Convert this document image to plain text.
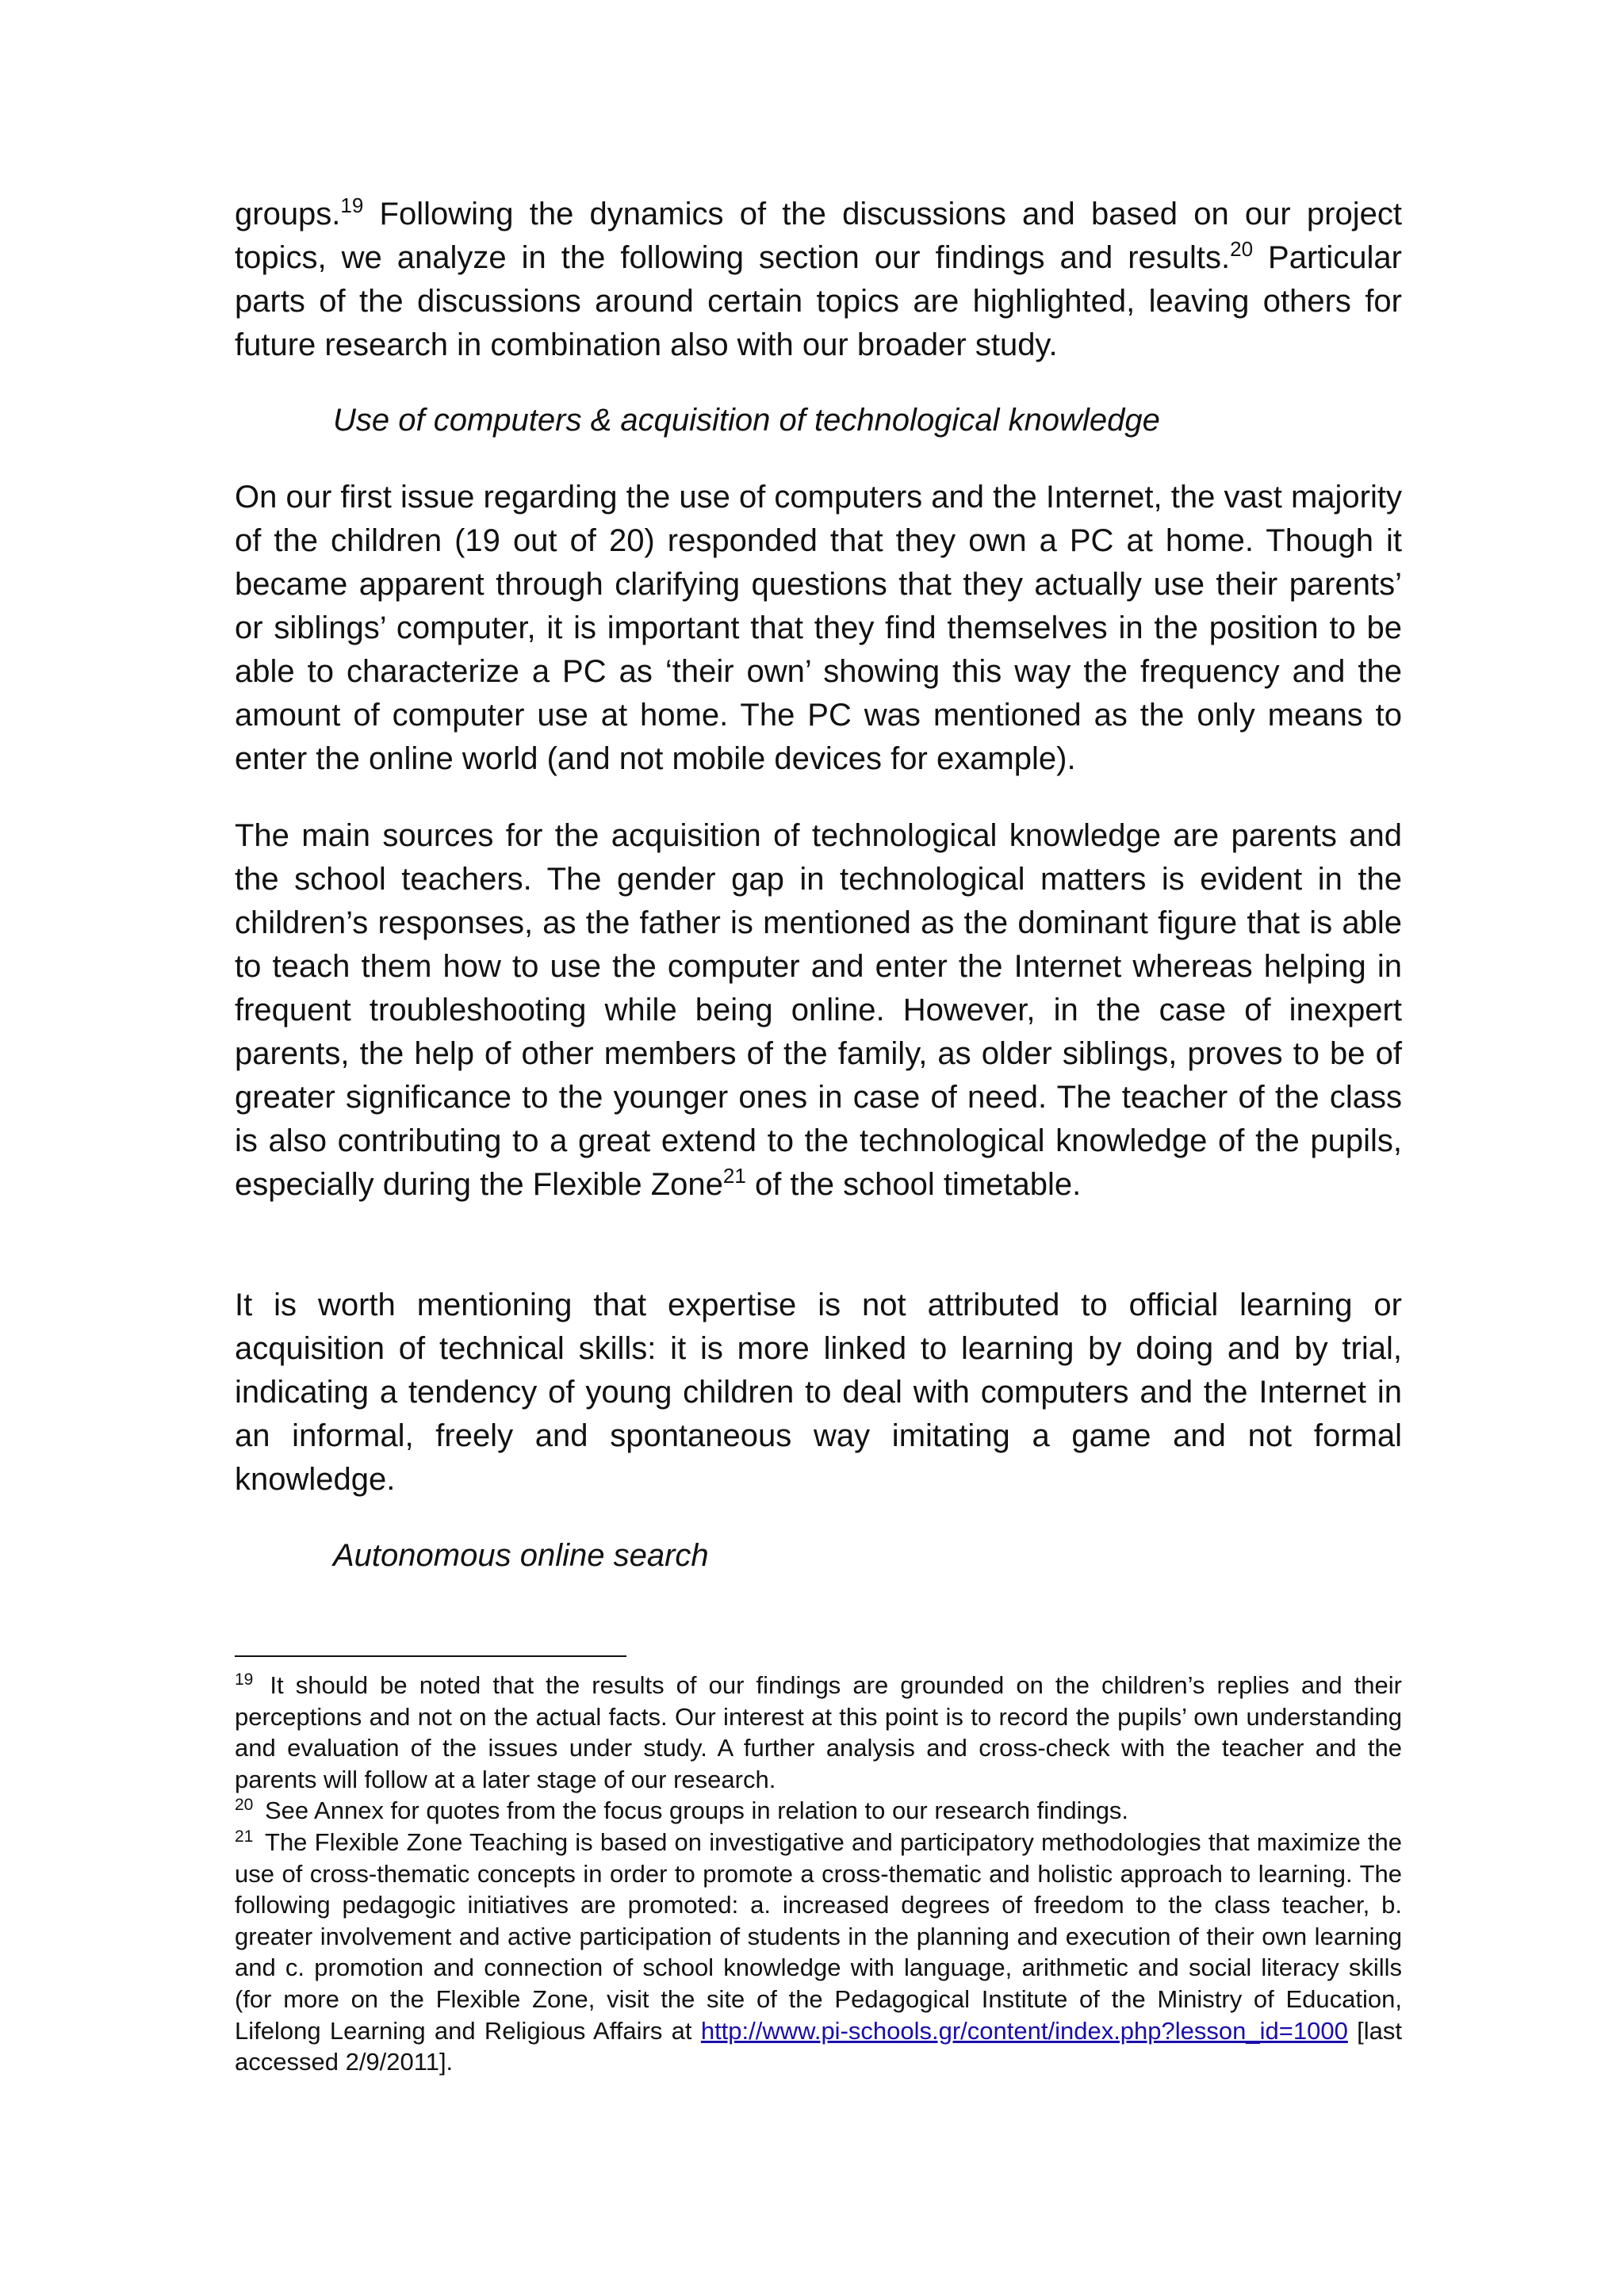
groups.$^{19}$ Following the dynamics of the discussions and based on our project topics, we analyze in the following section our findings and results.$^{20}$ Particular parts of the discussions around certain topics are highlighted, leaving others for future research in combination also with our broader study.

Use of computers & acquisition of technological knowledge

On our first issue regarding the use of computers and the Internet, the vast majority of the children (19 out of 20) responded that they own a PC at home. Though it became apparent through clarifying questions that they actually use their parents’ or siblings’ computer, it is important that they find themselves in the position to be able to characterize a PC as ‘their own’ showing this way the frequency and the amount of computer use at home. The PC was mentioned as the only means to enter the online world (and not mobile devices for example).

The main sources for the acquisition of technological knowledge are parents and the school teachers. The gender gap in technological matters is evident in the children’s responses, as the father is mentioned as the dominant figure that is able to teach them how to use the computer and enter the Internet whereas helping in frequent troubleshooting while being online. However, in the case of inexpert parents, the help of other members of the family, as older siblings, proves to be of greater significance to the younger ones in case of need. The teacher of the class is also contributing to a great extend to the technological knowledge of the pupils, especially during the Flexible Zone$^{21}$ of the school timetable.

It is worth mentioning that expertise is not attributed to official learning or acquisition of technical skills: it is more linked to learning by doing and by trial, indicating a tendency of young children to deal with computers and the Internet in an informal, freely and spontaneous way imitating a game and not formal knowledge.

Autonomous online search

$^{19}$ It should be noted that the results of our findings are grounded on the children’s replies and their perceptions and not on the actual facts. Our interest at this point is to record the pupils’ own understanding and evaluation of the issues under study. A further analysis and cross-check with the teacher and the parents will follow at a later stage of our research.

$^{20}$ See Annex for quotes from the focus groups in relation to our research findings.

$^{21}$ The Flexible Zone Teaching is based on investigative and participatory methodologies that maximize the use of cross-thematic concepts in order to promote a cross-thematic and holistic approach to learning. The following pedagogic initiatives are promoted: a. increased degrees of freedom to the class teacher, b. greater involvement and active participation of students in the planning and execution of their own learning and c. promotion and connection of school knowledge with language, arithmetic and social literacy skills (for more on the Flexible Zone, visit the site of the Pedagogical Institute of the Ministry of Education, Lifelong Learning and Religious Affairs at http://www.pi-schools.gr/content/index.php?lesson_id=1000 [last accessed 2/9/2011].
